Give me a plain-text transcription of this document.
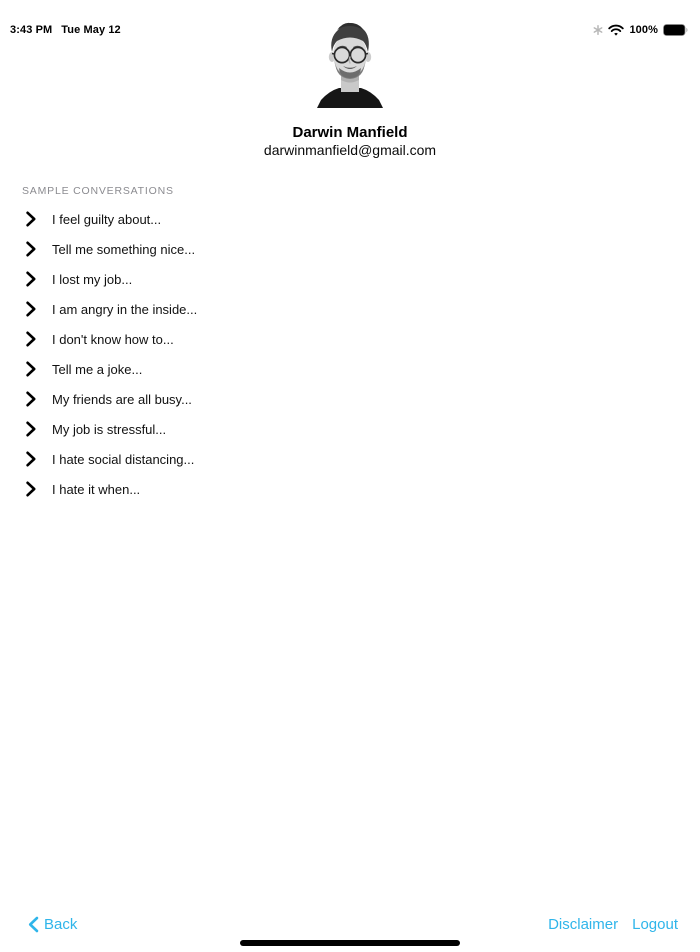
3:43 PM Tue May 12	100%
Darwin Manfield
darwinmanfield@gmail.com
SAMPLE CONVERSATIONS
I feel guilty about...
Tell me something nice...
I lost my job...
I am angry in the inside...
I don't know how to...
Tell me a joke...
My friends are all busy...
My job is stressful...
I hate social distancing...
I hate it when...
Back	Disclaimer Logout
